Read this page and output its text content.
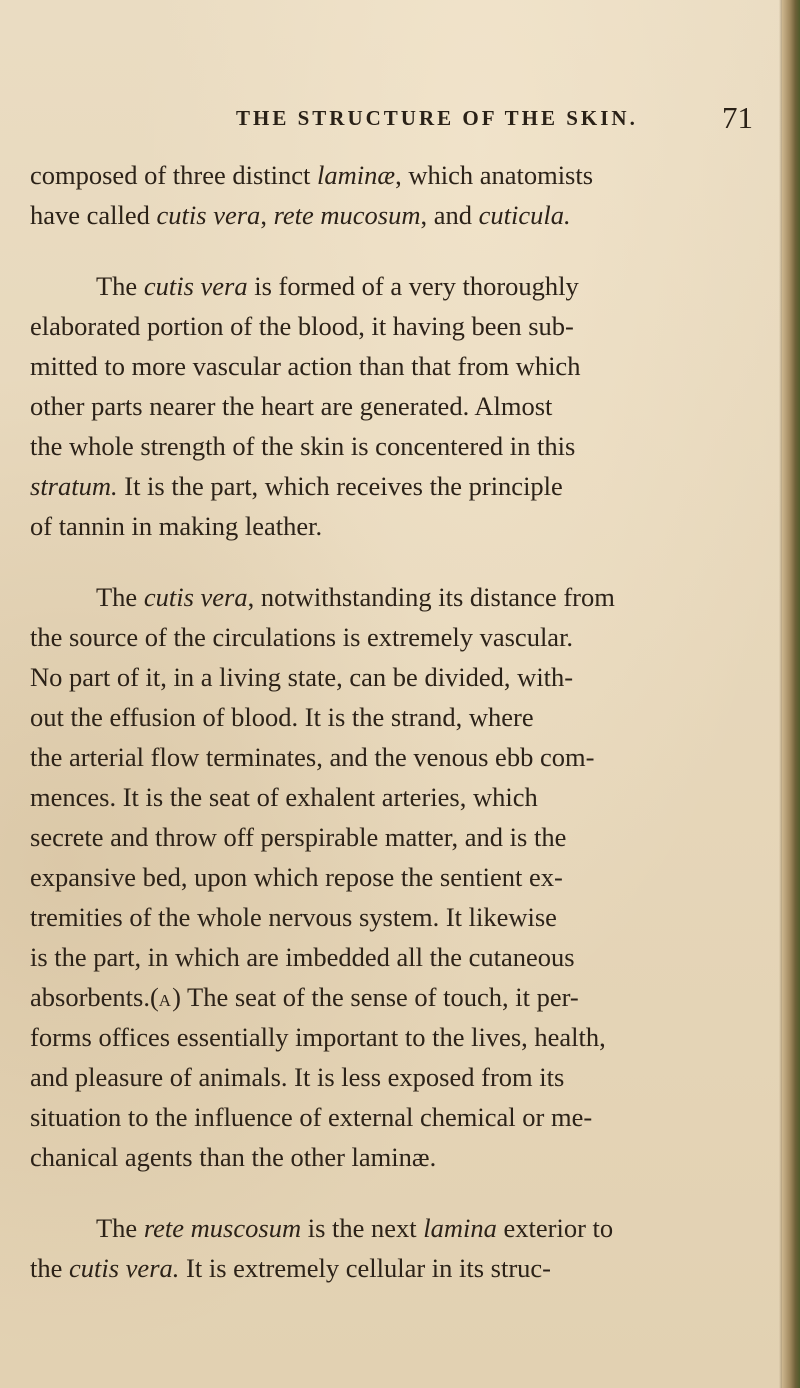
THE STRUCTURE OF THE SKIN.	71

composed of three distinct laminæ, which anatomists
have called cutis vera, rete mucosum, and cuticula.

The cutis vera is formed of a very thoroughly
elaborated portion of the blood, it having been sub-
mitted to more vascular action than that from which
other parts nearer the heart are generated. Almost
the whole strength of the skin is concentered in this
stratum. It is the part, which receives the principle
of tannin in making leather.

The cutis vera, notwithstanding its distance from
the source of the circulations is extremely vascular.
No part of it, in a living state, can be divided, with-
out the effusion of blood. It is the strand, where
the arterial flow terminates, and the venous ebb com-
mences. It is the seat of exhalent arteries, which
secrete and throw off perspirable matter, and is the
expansive bed, upon which repose the sentient ex-
tremities of the whole nervous system. It likewise
is the part, in which are imbedded all the cutaneous
absorbents.(A) The seat of the sense of touch, it per-
forms offices essentially important to the lives, health,
and pleasure of animals. It is less exposed from its
situation to the influence of external chemical or me-
chanical agents than the other laminæ.

The rete muscosum is the next lamina exterior to
the cutis vera. It is extremely cellular in its struc-
